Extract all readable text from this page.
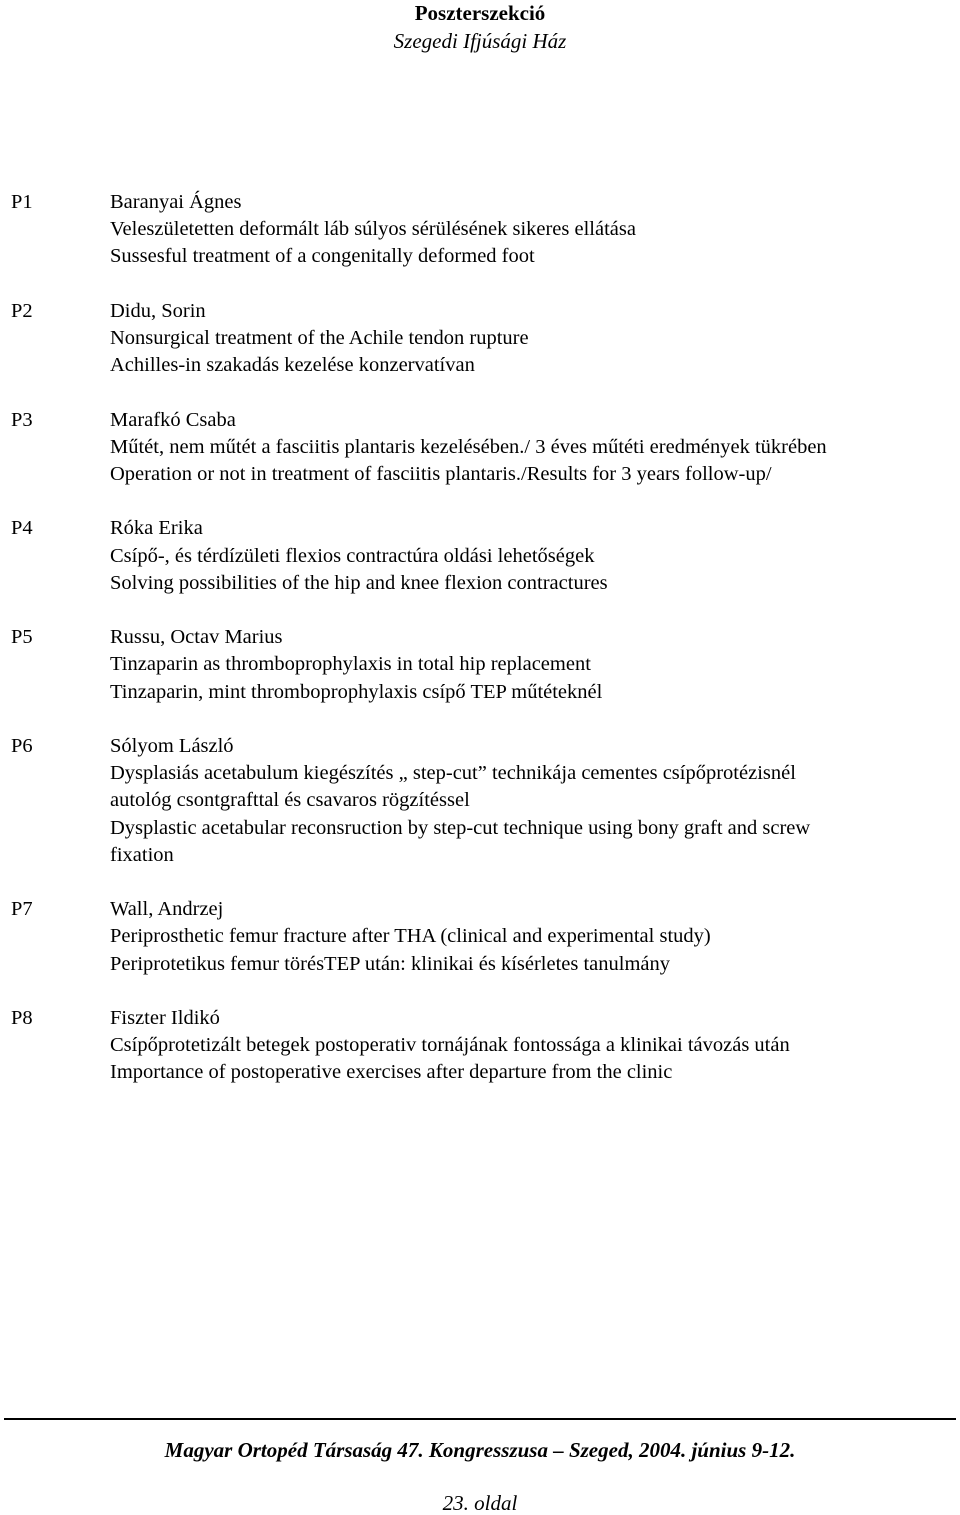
Poszterszekció
Szegedi Ifjúsági Ház
P1	Baranyai Ágnes
Veleszületetten deformált láb súlyos sérülésének sikeres ellátása
Sussesful treatment of a congenitally deformed foot
P2	Didu, Sorin
Nonsurgical treatment of the Achile tendon rupture
Achilles-in szakadás kezelése konzervatívan
P3	Marafkó Csaba
Műtét, nem műtét a fasciitis plantaris kezelésében./ 3 éves műtéti eredmények tükrében
Operation or not in treatment of fasciitis plantaris./Results for 3 years follow-up/
P4	Róka Erika
Csípő-, és térdízületi flexios contractúra oldási lehetőségek
Solving possibilities of the hip and knee flexion contractures
P5	Russu, Octav Marius
Tinzaparin as thromboprophylaxis in total hip replacement
Tinzaparin, mint thromboprophylaxis csípő TEP műtéteknél
P6	Sólyom László
Dysplasiás acetabulum kiegészítés „ step-cut” technikája cementes csípőprotézisnél
autológ csontgrafttal és csavaros rögzítéssel
Dysplastic acetabular reconsruction by step-cut technique using bony graft and screw
fixation
P7	Wall, Andrzej
Periprosthetic femur fracture after THA (clinical and experimental study)
Periprotetikus femur törésTEP után: klinikai és kísérletes tanulmány
P8	Fiszter Ildikó
Csípőprotetizált betegek postoperativ tornájának fontossága a klinikai távozás után
Importance of postoperative exercises after departure from the clinic
Magyar Ortopéd Társaság 47. Kongresszusa – Szeged, 2004. június 9-12.
23. oldal
